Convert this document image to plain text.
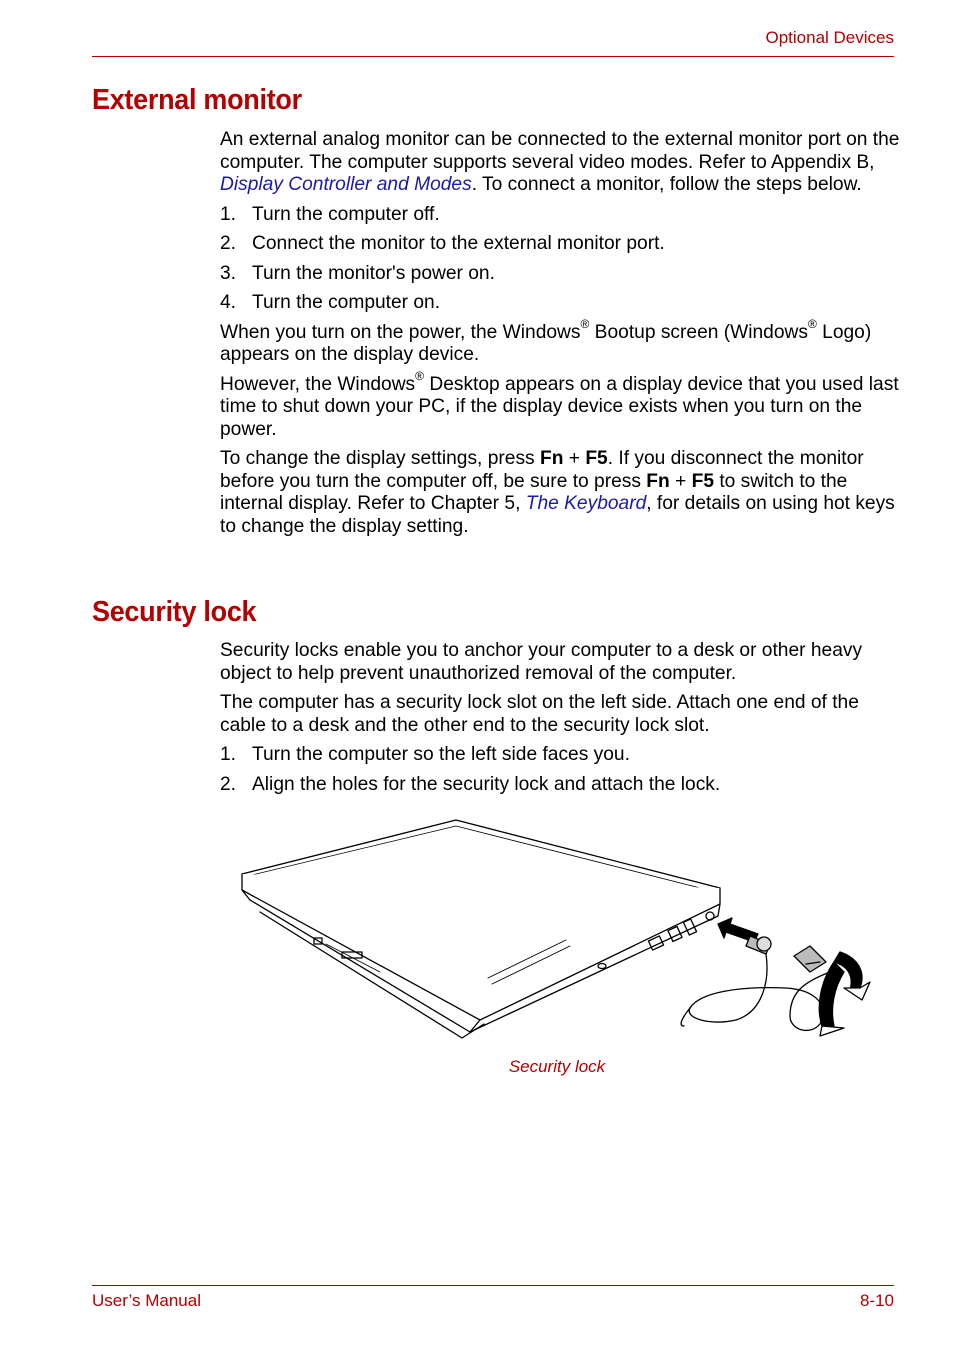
Optional Devices
External monitor

An external analog monitor can be connected to the external monitor port on the computer. The computer supports several video modes. Refer to Appendix B, Display Controller and Modes. To connect a monitor, follow the steps below.

1. Turn the computer off.
2. Connect the monitor to the external monitor port.
3. Turn the monitor's power on.
4. Turn the computer on.

When you turn on the power, the Windows® Bootup screen (Windows® Logo) appears on the display device.

However, the Windows® Desktop appears on a display device that you used last time to shut down your PC, if the display device exists when you turn on the power.

To change the display settings, press Fn + F5. If you disconnect the monitor before you turn the computer off, be sure to press Fn + F5 to switch to the internal display. Refer to Chapter 5, The Keyboard, for details on using hot keys to change the display setting.

Security lock

Security locks enable you to anchor your computer to a desk or other heavy object to help prevent unauthorized removal of the computer.

The computer has a security lock slot on the left side. Attach one end of the cable to a desk and the other end to the security lock slot.

1. Turn the computer so the left side faces you.
2. Align the holes for the security lock and attach the lock.
Security lock
User’s Manual	8-10
